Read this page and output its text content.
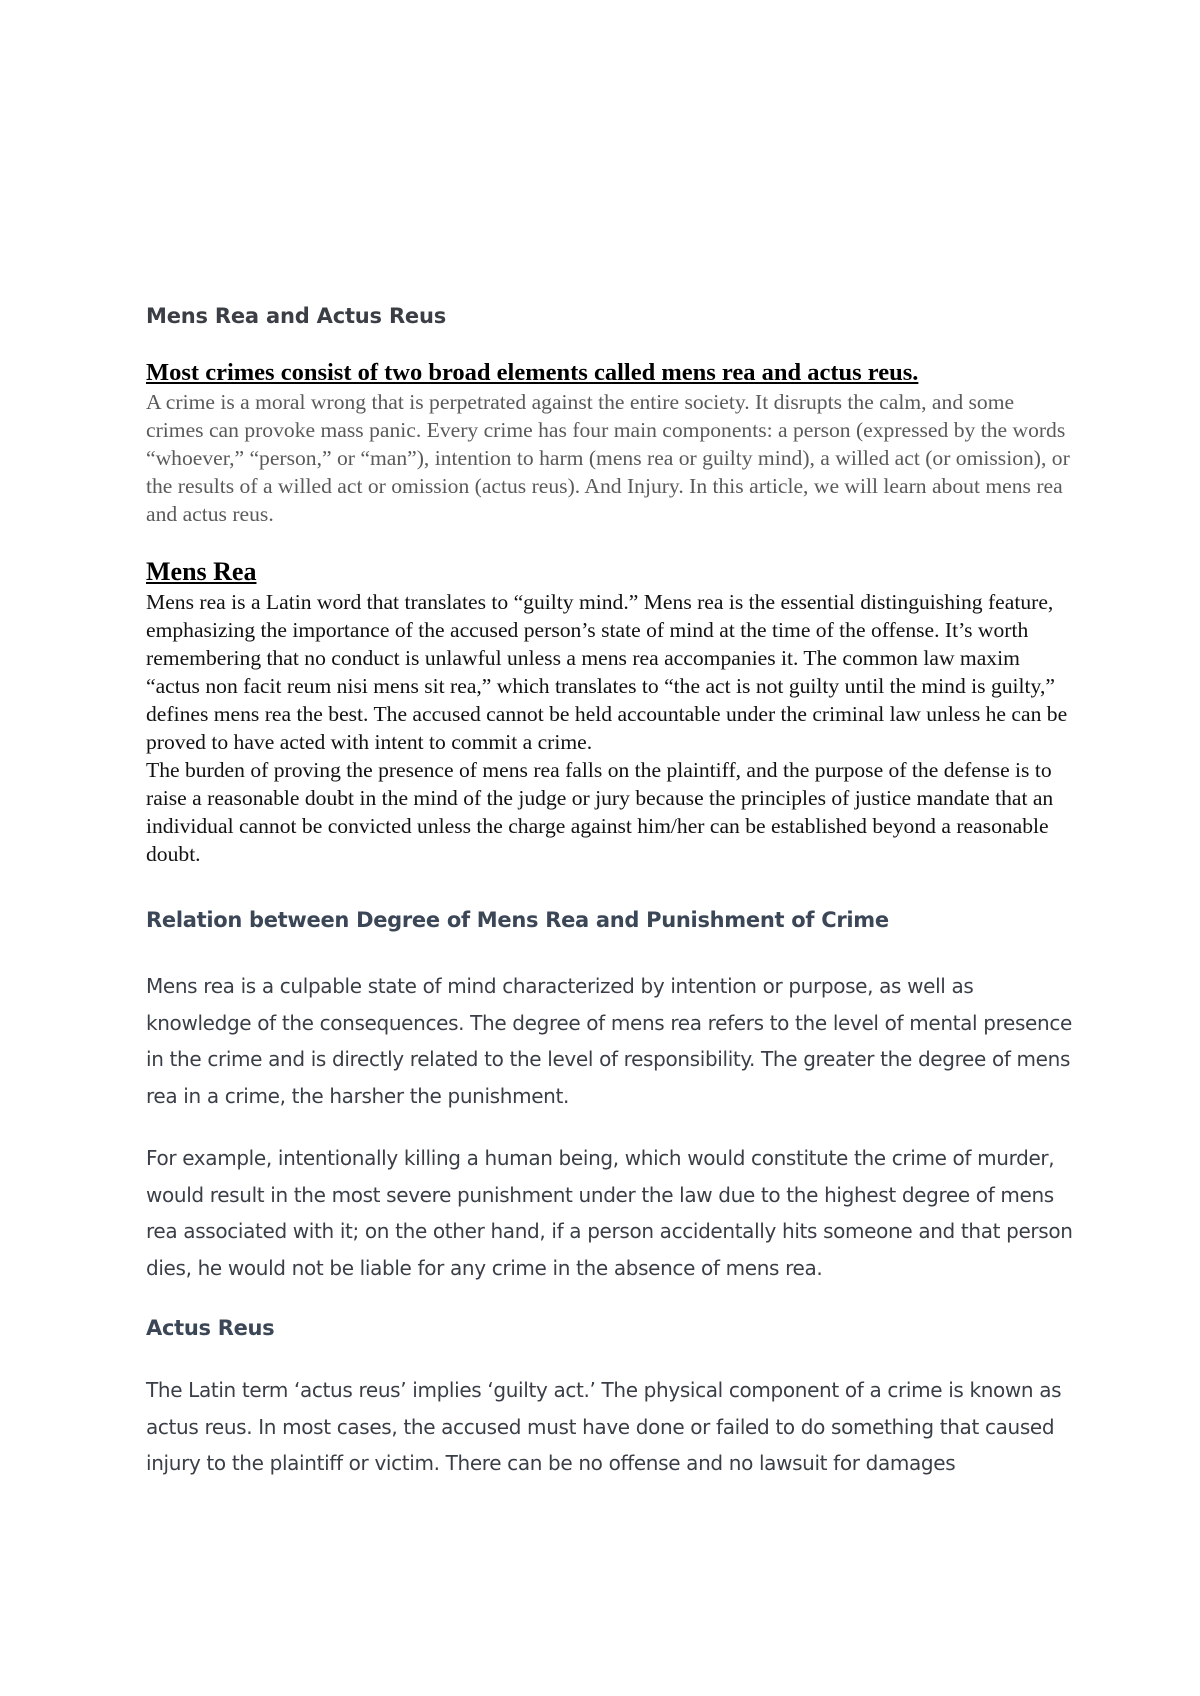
Mens Rea and Actus Reus
Most crimes consist of two broad elements called mens rea and actus reus.

A crime is a moral wrong that is perpetrated against the entire society. It disrupts the calm, and some crimes can provoke mass panic. Every crime has four main components: a person (expressed by the words “whoever,” “person,” or “man”), intention to harm (mens rea or guilty mind), a willed act (or omission), or the results of a willed act or omission (actus reus). And Injury. In this article, we will learn about mens rea and actus reus.

Mens Rea

Mens rea is a Latin word that translates to “guilty mind.” Mens rea is the essential distinguishing feature, emphasizing the importance of the accused person’s state of mind at the time of the offense. It’s worth remembering that no conduct is unlawful unless a mens rea accompanies it. The common law maxim “actus non facit reum nisi mens sit rea,” which translates to “the act is not guilty until the mind is guilty,” defines mens rea the best. The accused cannot be held accountable under the criminal law unless he can be proved to have acted with intent to commit a crime.

The burden of proving the presence of mens rea falls on the plaintiff, and the purpose of the defense is to raise a reasonable doubt in the mind of the judge or jury because the principles of justice mandate that an individual cannot be convicted unless the charge against him/her can be established beyond a reasonable doubt.

Relation between Degree of Mens Rea and Punishment of Crime

Mens rea is a culpable state of mind characterized by intention or purpose, as well as knowledge of the consequences. The degree of mens rea refers to the level of mental presence in the crime and is directly related to the level of responsibility. The greater the degree of mens rea in a crime, the harsher the punishment.

For example, intentionally killing a human being, which would constitute the crime of murder, would result in the most severe punishment under the law due to the highest degree of mens rea associated with it; on the other hand, if a person accidentally hits someone and that person dies, he would not be liable for any crime in the absence of mens rea.

Actus Reus

The Latin term ‘actus reus’ implies ‘guilty act.’ The physical component of a crime is known as actus reus. In most cases, the accused must have done or failed to do something that caused injury to the plaintiff or victim. There can be no offense and no lawsuit for damages
